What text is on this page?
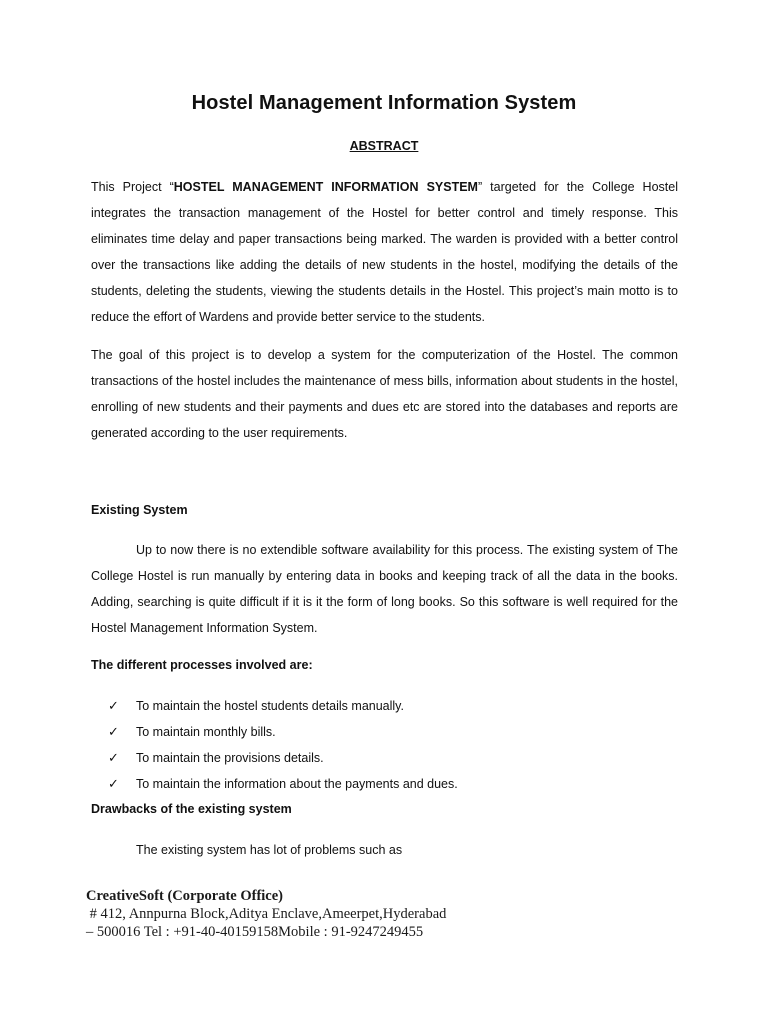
Hostel Management Information System
ABSTRACT

This Project “HOSTEL MANAGEMENT INFORMATION SYSTEM” targeted for the College Hostel integrates the transaction management of the Hostel for better control and timely response. This eliminates time delay and paper transactions being marked. The warden is provided with a better control over the transactions like adding the details of new students in the hostel, modifying the details of the students, deleting the students, viewing the students details in the Hostel. This project’s main motto is to reduce the effort of Wardens and provide better service to the students.

The goal of this project is to develop a system for the computerization of the Hostel. The common transactions of the hostel includes the maintenance of mess bills, information about students in the hostel, enrolling of new students and their payments and dues etc are stored into the databases and reports are generated according to the user requirements.

Existing System

Up to now there is no extendible software availability for this process. The existing system of The College Hostel is run manually by entering data in books and keeping track of all the data in the books. Adding, searching is quite difficult if it is it the form of long books. So this software is well required for the Hostel Management Information System.

The different processes involved are:

✓	To maintain the hostel students details manually.
✓	To maintain monthly bills.
✓	To maintain the provisions details.
✓	To maintain the information about the payments and dues.

Drawbacks of the existing system

The existing system has lot of problems such as

CreativeSoft (Corporate Office)
# 412, Annpurna Block,Aditya Enclave,Ameerpet,Hyderabad
– 500016 Tel : +91-40-40159158Mobile : 91-9247249455
